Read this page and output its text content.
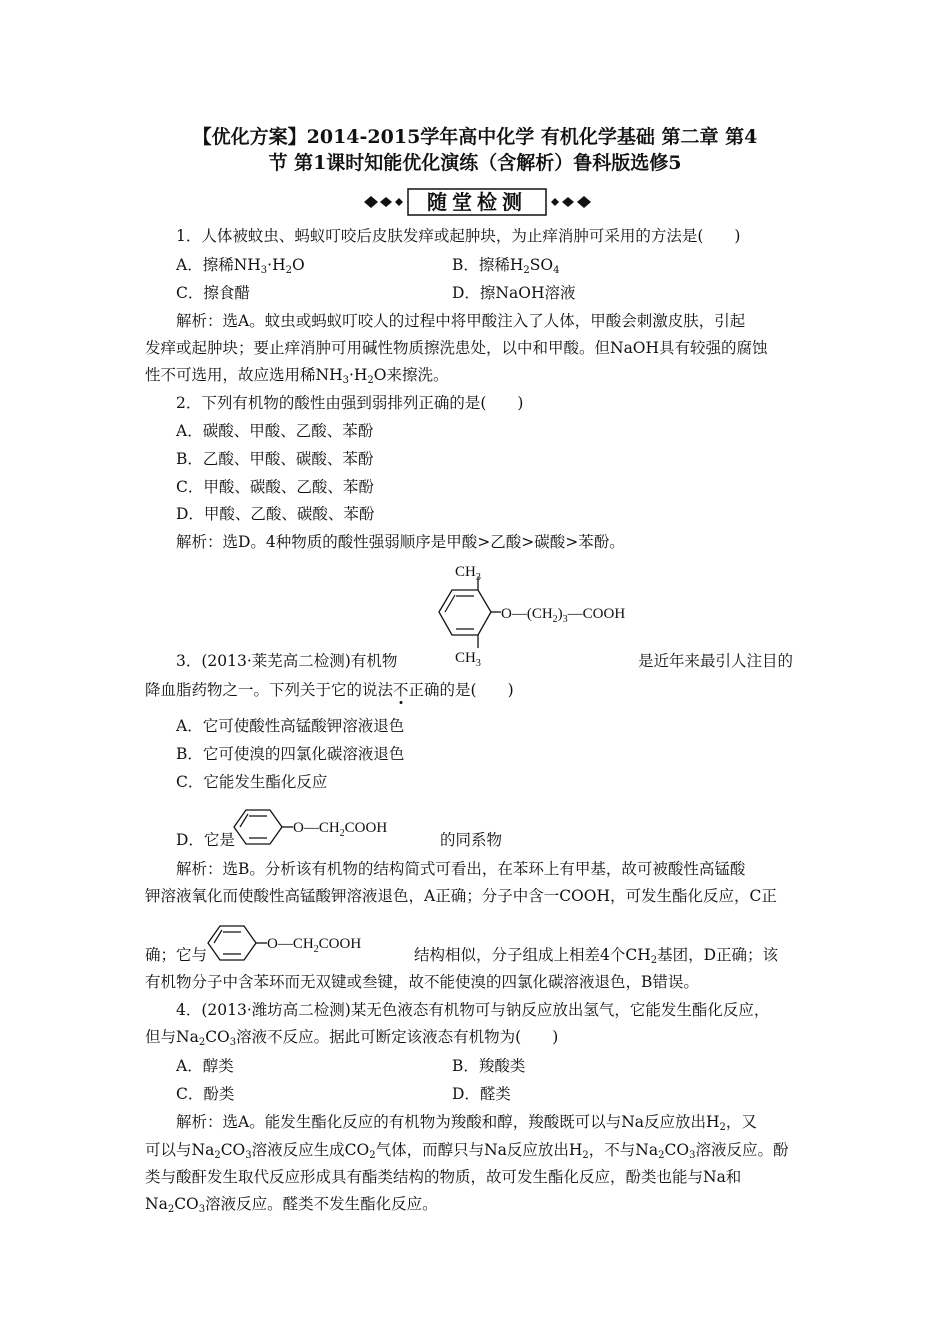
【优化方案】2014-2015学年高中化学 有机化学基础 第二章 第4
节 第1课时知能优化演练（含解析）鲁科版选修5
随堂检测
1．人体被蚊虫、蚂蚁叮咬后皮肤发痒或起肿块，为止痒消肿可采用的方法是(　　)
A．擦稀$NH_3\cdot H_2O$	B．擦稀$H_2SO_4$
C．擦食醋	D．擦NaOH溶液
解析：选A。蚊虫或蚂蚁叮咬人的过程中将甲酸注入了人体，甲酸会刺激皮肤，引起
发痒或起肿块；要止痒消肿可用碱性物质擦洗患处，以中和甲酸。但NaOH具有较强的腐蚀
性不可选用，故应选用稀$NH_3\cdot H_2O$来擦洗。
2．下列有机物的酸性由强到弱排列正确的是(　　)
A．碳酸、甲酸、乙酸、苯酚
B．乙酸、甲酸、碳酸、苯酚
C．甲酸、碳酸、乙酸、苯酚
D．甲酸、乙酸、碳酸、苯酚
解析：选D。4种物质的酸性强弱顺序是甲酸>乙酸>碳酸>苯酚。
$CH_3$
$CH_3$
$O—(CH_2)_3—COOH$
3．(2013·莱芜高二检测)有机物	是近年来最引人注目的
降血脂药物之一。下列关于它的说法不正确的是(　　)
A．它可使酸性高锰酸钾溶液退色
B．它可使溴的四氯化碳溶液退色
C．它能发生酯化反应
D．它是
$O—CH_2COOH$
的同系物
解析：选B。分析该有机物的结构简式可看出，在苯环上有甲基，故可被酸性高锰酸
钾溶液氧化而使酸性高锰酸钾溶液退色，A正确；分子中含一COOH，可发生酯化反应，C正
确；它与
$O—CH_2COOH$
结构相似，分子组成上相差4个$CH_2$基团，D正确；该
有机物分子中含苯环而无双键或叁键，故不能使溴的四氯化碳溶液退色，B错误。
4．(2013·潍坊高二检测)某无色液态有机物可与钠反应放出氢气，它能发生酯化反应，
但与$Na_2CO_3$溶液不反应。据此可断定该液态有机物为(　　)
A．醇类	B．羧酸类
C．酚类	D．醛类
解析：选A。能发生酯化反应的有机物为羧酸和醇，羧酸既可以与Na反应放出$H_2$，又
可以与$Na_2CO_3$溶液反应生成$CO_2$气体，而醇只与Na反应放出$H_2$，不与$Na_2CO_3$溶液反应。酚
类与酸酐发生取代反应形成具有酯类结构的物质，故可发生酯化反应，酚类也能与Na和
$Na_2CO_3$溶液反应。醛类不发生酯化反应。
